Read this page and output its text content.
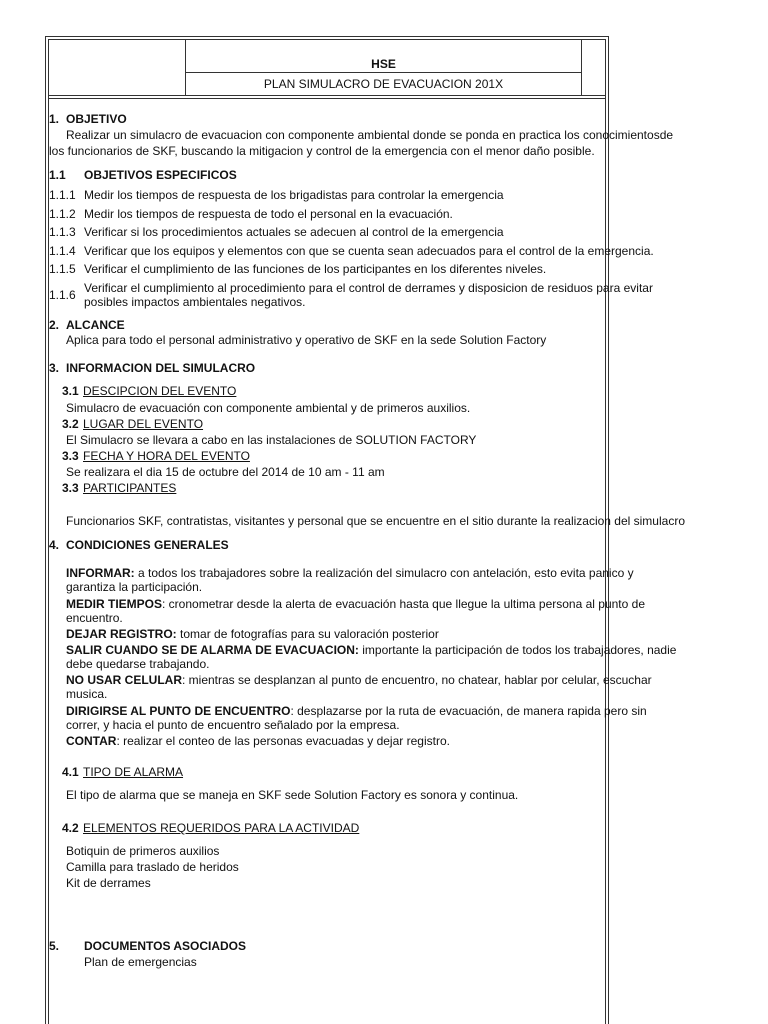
HSE
PLAN SIMULACRO DE EVACUACION 201X
1. OBJETIVO
Realizar un simulacro de evacuacion con componente ambiental donde se ponda en practica los conocimientosde
los funcionarios de SKF, buscando la mitigacion y control de la emergencia con el menor daño posible.
1.1 OBJETIVOS ESPECIFICOS
1.1.1 Medir los tiempos de respuesta de los brigadistas para controlar la emergencia
1.1.2 Medir los tiempos de respuesta de todo el personal en la evacuación.
1.1.3 Verificar si los procedimientos actuales se adecuen al control de la emergencia
1.1.4 Verificar que los equipos y elementos con que se cuenta sean adecuados para el control de la emergencia.
1.1.5 Verificar el cumplimiento de las funciones de los participantes en los diferentes niveles.
1.1.6 Verificar el cumplimiento al procedimiento para el control de derrames y disposicion de residuos para evitar
posibles impactos ambientales negativos.
2. ALCANCE
Aplica para todo el personal administrativo y operativo de SKF en la sede Solution Factory
3. INFORMACION DEL SIMULACRO
3.1 DESCIPCION DEL EVENTO
Simulacro de evacuación con componente ambiental y de primeros auxilios.
3.2 LUGAR DEL EVENTO
El Simulacro se llevara a cabo en las instalaciones de SOLUTION FACTORY
3.3 FECHA Y HORA DEL EVENTO
Se realizara el dia 15 de octubre del 2014 de 10 am - 11 am
3.3 PARTICIPANTES
Funcionarios SKF, contratistas, visitantes y personal que se encuentre en el sitio durante la realizacion del simulacro
4. CONDICIONES GENERALES
INFORMAR: a todos los trabajadores sobre la realización del simulacro con antelación, esto evita panico y
garantiza la participación.
MEDIR TIEMPOS: cronometrar desde la alerta de evacuación hasta que llegue la ultima persona al punto de
encuentro.
DEJAR REGISTRO: tomar de fotografías para su valoración posterior
SALIR CUANDO SE DE ALARMA DE EVACUACION: importante la participación de todos los trabajadores, nadie
debe quedarse trabajando.
NO USAR CELULAR: mientras se desplanzan al punto de encuentro, no chatear, hablar por celular, escuchar
musica.
DIRIGIRSE AL PUNTO DE ENCUENTRO: desplazarse por la ruta de evacuación, de manera rapida pero sin
correr, y hacia el punto de encuentro señalado por la empresa.
CONTAR: realizar el conteo de las personas evacuadas y dejar registro.
4.1 TIPO DE ALARMA
El tipo de alarma que se maneja en SKF sede Solution Factory es sonora y continua.
4.2 ELEMENTOS REQUERIDOS PARA LA ACTIVIDAD
Botiquin de primeros auxilios
Camilla para traslado de heridos
Kit de derrames
5. DOCUMENTOS ASOCIADOS
Plan de emergencias
